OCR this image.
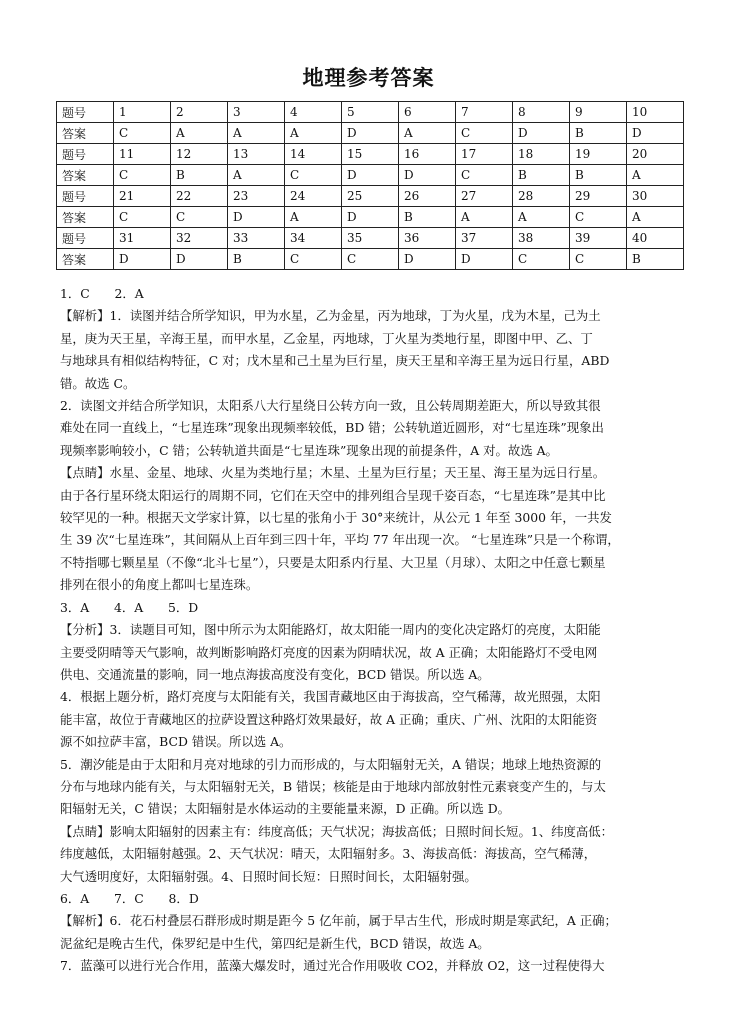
地理参考答案
题号	1	2	3	4	5	6	7	8	9	10
答案	C	A	A	A	D	A	C	D	B	D
题号	11	12	13	14	15	16	17	18	19	20
答案	C	B	A	C	D	D	C	B	B	A
题号	21	22	23	24	25	26	27	28	29	30
答案	C	C	D	A	D	B	A	A	C	A
题号	31	32	33	34	35	36	37	38	39	40
答案	D	D	B	C	C	D	D	C	C	B

1．C　　2．A

【解析】1．读图并结合所学知识，甲为水星，乙为金星，丙为地球，丁为火星，戊为木星，己为土

星，庚为天王星，辛海王星，而甲水星，乙金星，丙地球，丁火星为类地行星，即图中甲、乙、丁

与地球具有相似结构特征，C 对；戊木星和己土星为巨行星，庚天王星和辛海王星为远日行星，ABD

错。故选 C。

2．读图文并结合所学知识，太阳系八大行星绕日公转方向一致，且公转周期差距大，所以导致其很

难处在同一直线上，“七星连珠”现象出现频率较低，BD 错；公转轨道近圆形，对“七星连珠”现象出

现频率影响较小，C 错；公转轨道共面是“七星连珠”现象出现的前提条件，A 对。故选 A。

【点睛】水星、金星、地球、火星为类地行星；木星、土星为巨行星；天王星、海王星为远日行星。

由于各行星环绕太阳运行的周期不同，它们在天空中的排列组合呈现千姿百态，“七星连珠”是其中比

较罕见的一种。根据天文学家计算，以七星的张角小于 30°来统计，从公元 1 年至 3000 年，一共发

生 39 次“七星连珠”，其间隔从上百年到三四十年，平均 77 年出现一次。 “七星连珠”只是一个称谓，

不特指哪七颗星星（不像“北斗七星”），只要是太阳系内行星、大卫星（月球）、太阳之中任意七颗星

排列在很小的角度上都叫七星连珠。

3．A　　4．A　　5．D

【分析】3．读题目可知，图中所示为太阳能路灯，故太阳能一周内的变化决定路灯的亮度，太阳能

主要受阴晴等天气影响，故判断影响路灯亮度的因素为阴晴状况，故 A 正确；太阳能路灯不受电网

供电、交通流量的影响，同一地点海拔高度没有变化，BCD 错误。所以选 A。

4．根据上题分析，路灯亮度与太阳能有关，我国青藏地区由于海拔高，空气稀薄，故光照强，太阳

能丰富，故位于青藏地区的拉萨设置这种路灯效果最好，故 A 正确；重庆、广州、沈阳的太阳能资

源不如拉萨丰富，BCD 错误。所以选 A。

5．潮汐能是由于太阳和月亮对地球的引力而形成的，与太阳辐射无关，A 错误；地球上地热资源的

分布与地球内能有关，与太阳辐射无关，B 错误；核能是由于地球内部放射性元素衰变产生的，与太

阳辐射无关，C 错误；太阳辐射是水体运动的主要能量来源，D 正确。所以选 D。

【点睛】影响太阳辐射的因素主有：纬度高低；天气状况；海拔高低；日照时间长短。1、纬度高低：

纬度越低，太阳辐射越强。2、天气状况：晴天，太阳辐射多。3、海拔高低：海拔高，空气稀薄，

大气透明度好，太阳辐射强。4、日照时间长短：日照时间长，太阳辐射强。

6．A　　7．C　　8．D

【解析】6．花石村叠层石群形成时期是距今 5 亿年前，属于早古生代，形成时期是寒武纪，A 正确；

泥盆纪是晚古生代，侏罗纪是中生代，第四纪是新生代，BCD 错误，故选 A。

7．蓝藻可以进行光合作用，蓝藻大爆发时，通过光合作用吸收 CO2，并释放 O2，这一过程使得大
